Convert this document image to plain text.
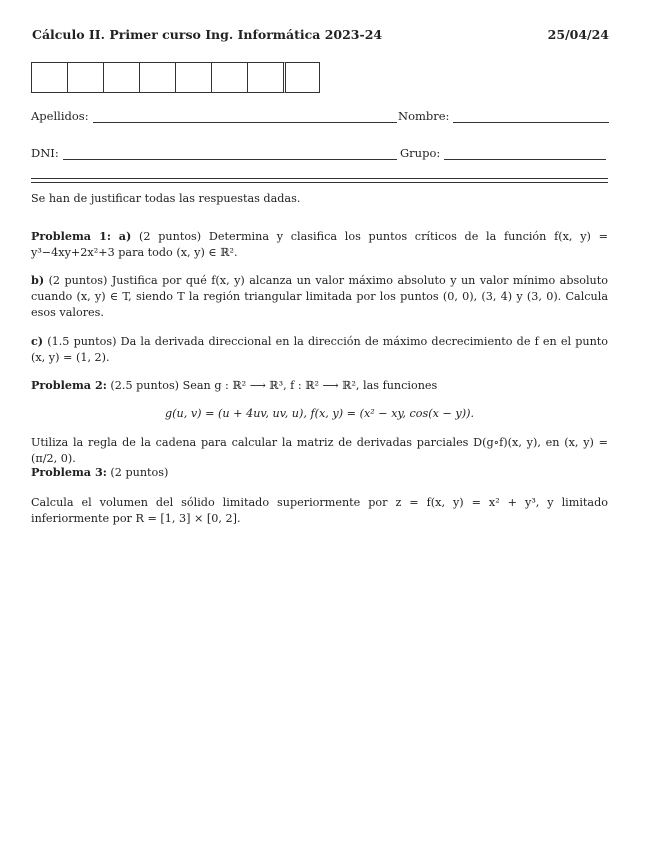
Cálculo II. Primer curso Ing. Informática 2023-24	25/04/24
Apellidos:	Nombre:
DNI:	Grupo:
Se han de justificar todas las respuestas dadas.
Problema 1: a) (2 puntos) Determina y clasifica los puntos críticos de la función f(x, y) = y³−4xy+2x²+3 para todo (x, y) ∈ ℝ².
b) (2 puntos) Justifica por qué f(x, y) alcanza un valor máximo absoluto y un valor mínimo absoluto cuando (x, y) ∈ T, siendo T la región triangular limitada por los puntos (0, 0), (3, 4) y (3, 0). Calcula esos valores.
c) (1.5 puntos) Da la derivada direccional en la dirección de máximo decrecimiento de f en el punto (x, y) = (1, 2).
Problema 2: (2.5 puntos) Sean g : ℝ² ⟶ ℝ³, f : ℝ² ⟶ ℝ², las funciones
g(u, v) = (u + 4uv, uv, u), f(x, y) = (x² − xy, cos(x − y)).
Utiliza la regla de la cadena para calcular la matriz de derivadas parciales D(g∘f)(x, y), en (x, y) = (π/2, 0).
Problema 3: (2 puntos)
Calcula el volumen del sólido limitado superiormente por z = f(x, y) = x² + y³, y limitado inferiormente por R = [1, 3] × [0, 2].
